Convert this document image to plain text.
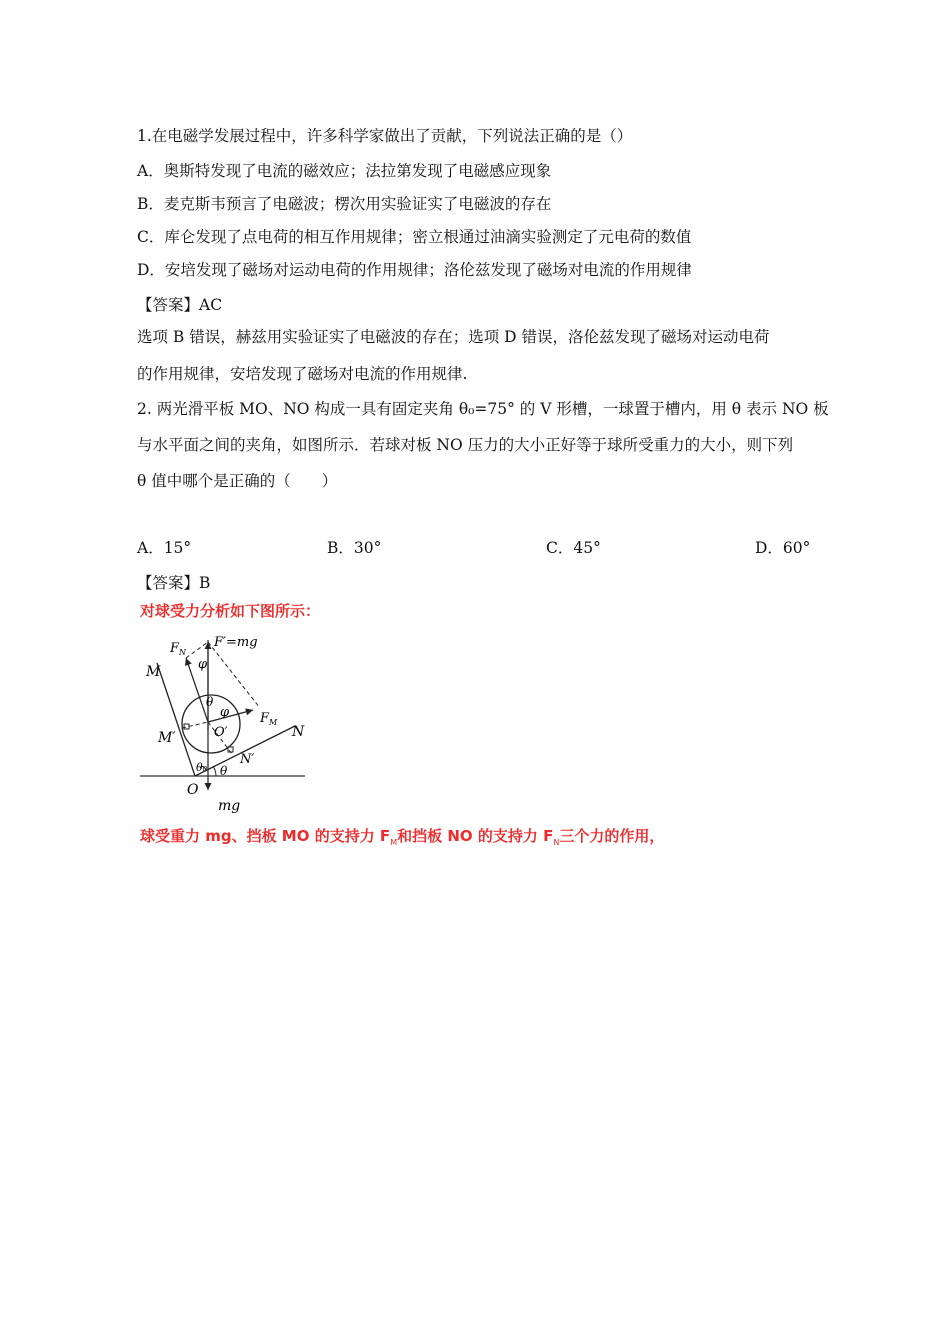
1.在电磁学发展过程中，许多科学家做出了贡献，下列说法正确的是（）
A．奥斯特发现了电流的磁效应；法拉第发现了电磁感应现象
B．麦克斯韦预言了电磁波；楞次用实验证实了电磁波的存在
C．库仑发现了点电荷的相互作用规律；密立根通过油滴实验测定了元电荷的数值
D．安培发现了磁场对运动电荷的作用规律；洛伦兹发现了磁场对电流的作用规律
【答案】AC
选项 B 错误，赫兹用实验证实了电磁波的存在；选项 D 错误，洛伦兹发现了磁场对运动电荷
的作用规律，安培发现了磁场对电流的作用规律.
2. 两光滑平板 MO、NO 构成一具有固定夹角 θ₀=75° 的 V 形槽，一球置于槽内，用 θ 表示 NO 板
与水平面之间的夹角，如图所示．若球对板 NO 压力的大小正好等于球所受重力的大小，则下列
θ 值中哪个是正确的（　　）
A．15°	B．30°	C．45°	D．60°
【答案】B
对球受力分析如下图所示：
$F_N$
F′=mg
φ
θ
φ $F_M$
M
M′	O′	N
N′
θ₀ θ
O
mg
球受重力 mg、挡板 MO 的支持力 $F_M$和挡板 NO 的支持力 $F_N$三个力的作用，
